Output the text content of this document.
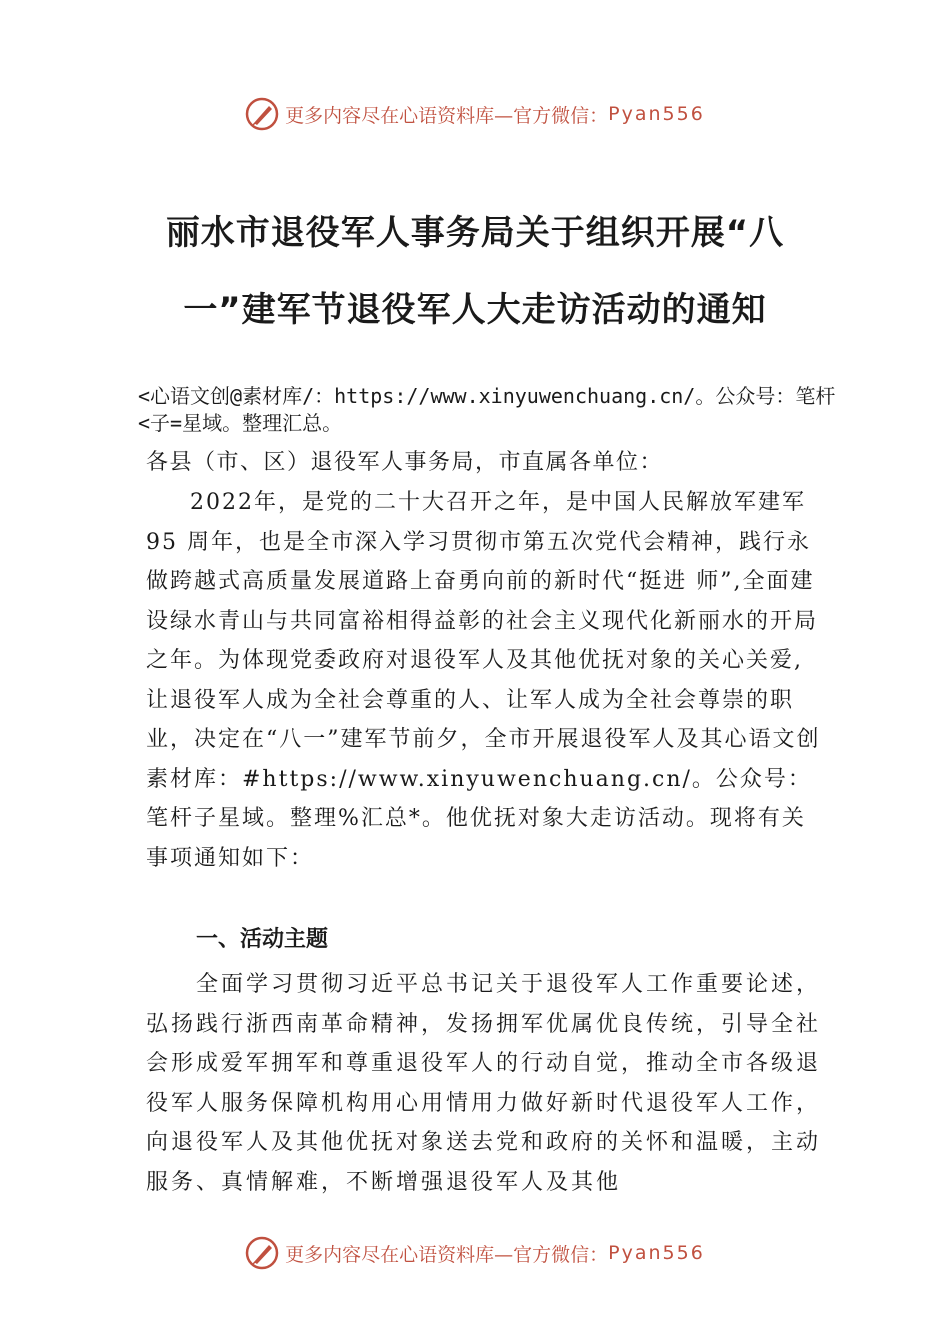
更多内容尽在心语资料库—官方微信： Pyan556
丽水市退役军人事务局关于组织开展“八
一”建军节退役军人大走访活动的通知
<心语文创@素材库/：https://www.xinyuwenchuang.cn/。公众号：笔杆<子=星域。整理汇总。
各县（市、区）退役军人事务局，市直属各单位：
2022年，是党的二十大召开之年，是中国人民解放军建军 95 周年，也是全市深入学习贯彻市第五次党代会精神，践行永做跨越式高质量发展道路上奋勇向前的新时代“挺进 师”,全面建设绿水青山与共同富裕相得益彰的社会主义现代化新丽水的开局之年。为体现党委政府对退役军人及其他优抚对象的关心关爱,让退役军人成为全社会尊重的人、让军人成为全社会尊崇的职业，决定在“八一”建军节前夕，全市开展退役军人及其心语文创素材库：#https://www.xinyuwenchuang.cn/。公众号：笔杆子星域。整理%汇总*。他优抚对象大走访活动。现将有关事项通知如下：
一、活动主题
全面学习贯彻习近平总书记关于退役军人工作重要论述，弘扬践行浙西南革命精神，发扬拥军优属优良传统，引导全社会形成爱军拥军和尊重退役军人的行动自觉，推动全市各级退役军人服务保障机构用心用情用力做好新时代退役军人工作，向退役军人及其他优抚对象送去党和政府的关怀和温暖，主动服务、真情解难，不断增强退役军人及其他
更多内容尽在心语资料库—官方微信： Pyan556
